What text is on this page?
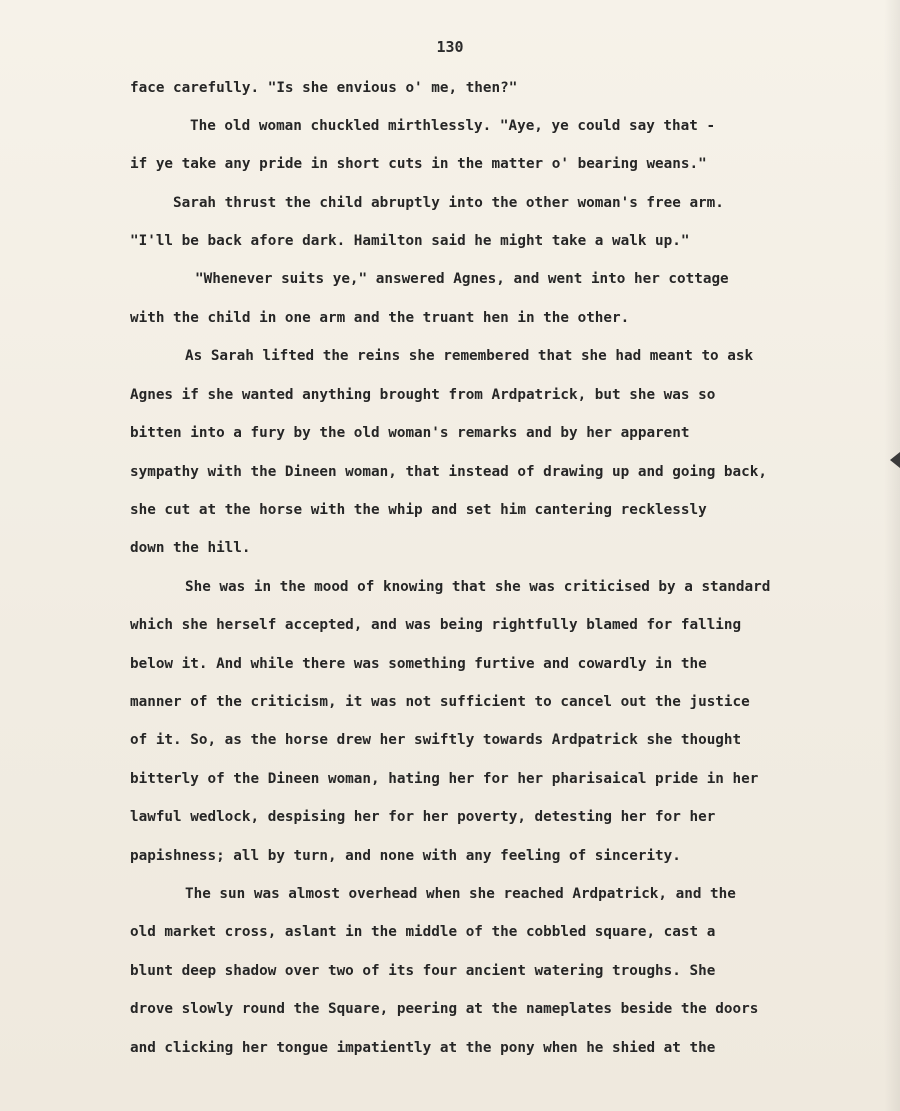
130
face carefully. "Is she envious o' me, then?"
The old woman chuckled mirthlessly. "Aye, ye could say that -
if ye take any pride in short cuts in the matter o' bearing weans."
Sarah thrust the child abruptly into the other woman's free arm.
"I'll be back afore dark. Hamilton said he might take a walk up."
"Whenever suits ye," answered Agnes, and went into her cottage
with the child in one arm and the truant hen in the other.
As Sarah lifted the reins she remembered that she had meant to ask
Agnes if she wanted anything brought from Ardpatrick, but she was so
bitten into a fury by the old woman's remarks and by her apparent
sympathy with the Dineen woman, that instead of drawing up and going back,
she cut at the horse with the whip and set him cantering recklessly
down the hill.
She was in the mood of knowing that she was criticised by a standard
which she herself accepted, and was being rightfully blamed for falling
below it. And while there was something furtive and cowardly in the
manner of the criticism, it was not sufficient to cancel out the justice
of it. So, as the horse drew her swiftly towards Ardpatrick she thought
bitterly of the Dineen woman, hating her for her pharisaical pride in her
lawful wedlock, despising her for her poverty, detesting her for her
papishness; all by turn, and none with any feeling of sincerity.
The sun was almost overhead when she reached Ardpatrick, and the
old market cross, aslant in the middle of the cobbled square, cast a
blunt deep shadow over two of its four ancient watering troughs. She
drove slowly round the Square, peering at the nameplates beside the doors
and clicking her tongue impatiently at the pony when he shied at the
